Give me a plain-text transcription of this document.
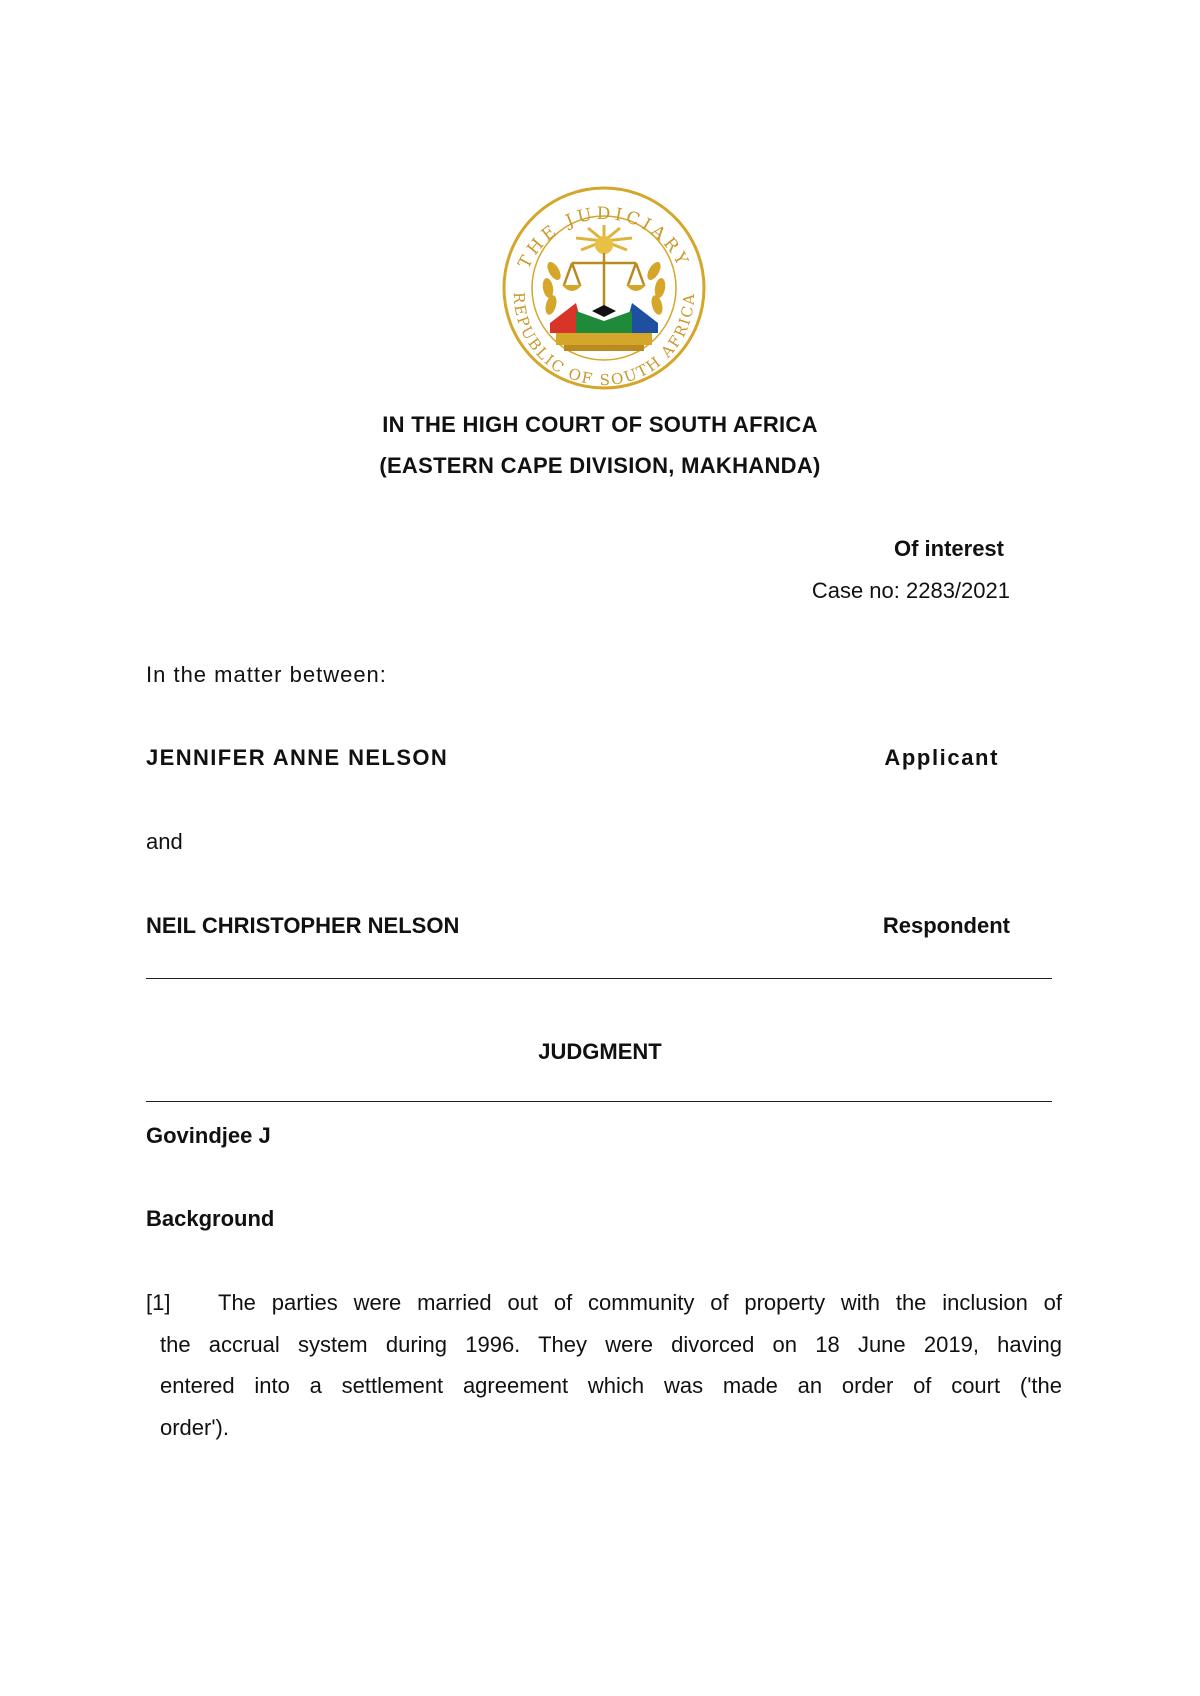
THE JUDICIARY
REPUBLIC OF SOUTH AFRICA

IN THE HIGH COURT OF SOUTH AFRICA

(EASTERN CAPE DIVISION, MAKHANDA)

Of interest

Case no: 2283/2021

In the matter between:

JENNIFER ANNE NELSON	Applicant

and

NEIL CHRISTOPHER NELSON	Respondent

JUDGMENT

Govindjee J

Background

[1] The parties were married out of community of property with the inclusion of

the accrual system during 1996. They were divorced on 18 June 2019, having

entered into a settlement agreement which was made an order of court ('the

order').
